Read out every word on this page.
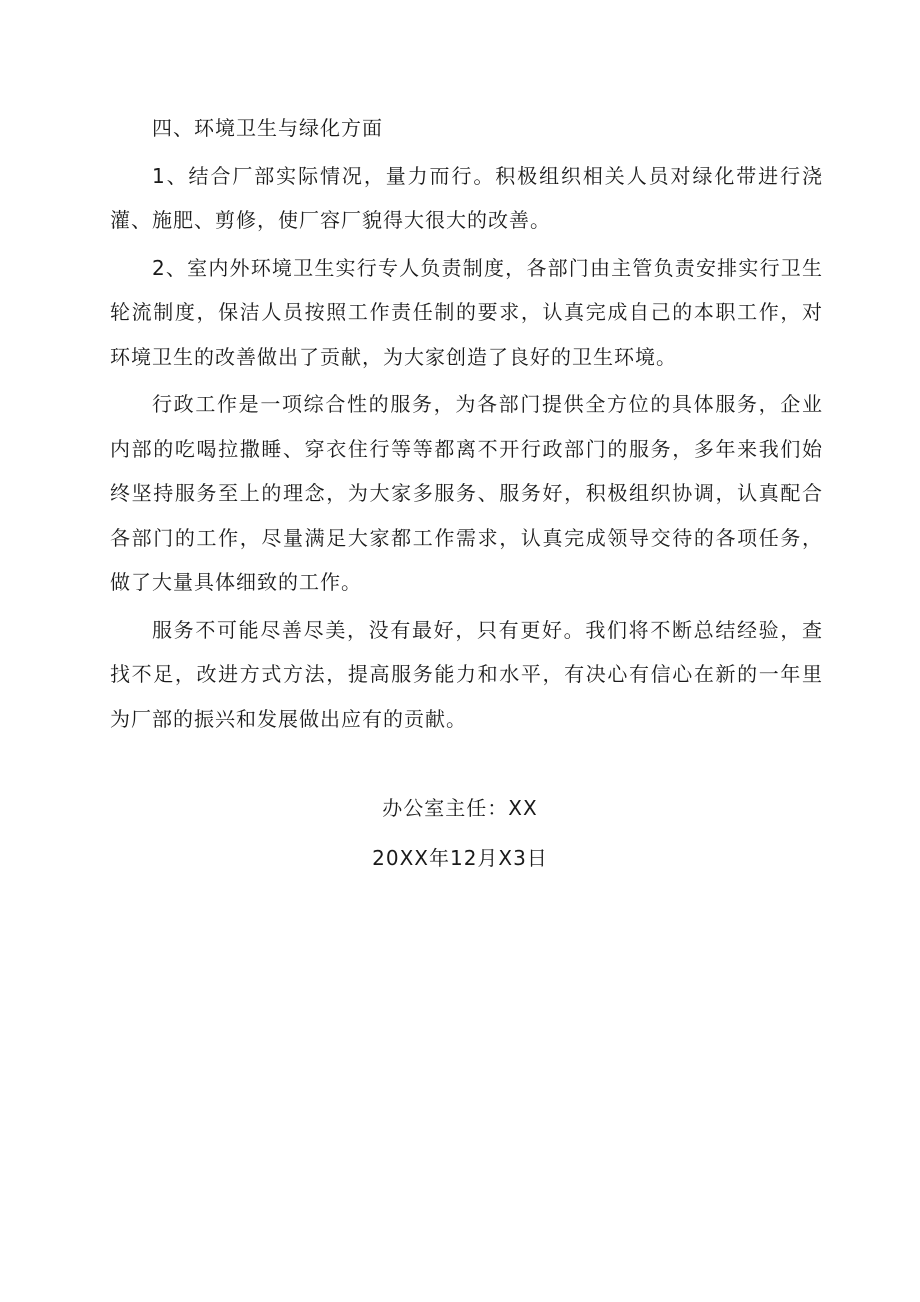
四、环境卫生与绿化方面

1、结合厂部实际情况，量力而行。积极组织相关人员对绿化带进行浇灌、施肥、剪修，使厂容厂貌得大很大的改善。

2、室内外环境卫生实行专人负责制度，各部门由主管负责安排实行卫生轮流制度，保洁人员按照工作责任制的要求，认真完成自己的本职工作，对环境卫生的改善做出了贡献，为大家创造了良好的卫生环境。

行政工作是一项综合性的服务，为各部门提供全方位的具体服务，企业内部的吃喝拉撒睡、穿衣住行等等都离不开行政部门的服务，多年来我们始终坚持服务至上的理念，为大家多服务、服务好，积极组织协调，认真配合各部门的工作，尽量满足大家都工作需求，认真完成领导交待的各项任务，做了大量具体细致的工作。

服务不可能尽善尽美，没有最好，只有更好。我们将不断总结经验，查找不足，改进方式方法，提高服务能力和水平，有决心有信心在新的一年里为厂部的振兴和发展做出应有的贡献。

办公室主任：XX
20XX年12月X3日
